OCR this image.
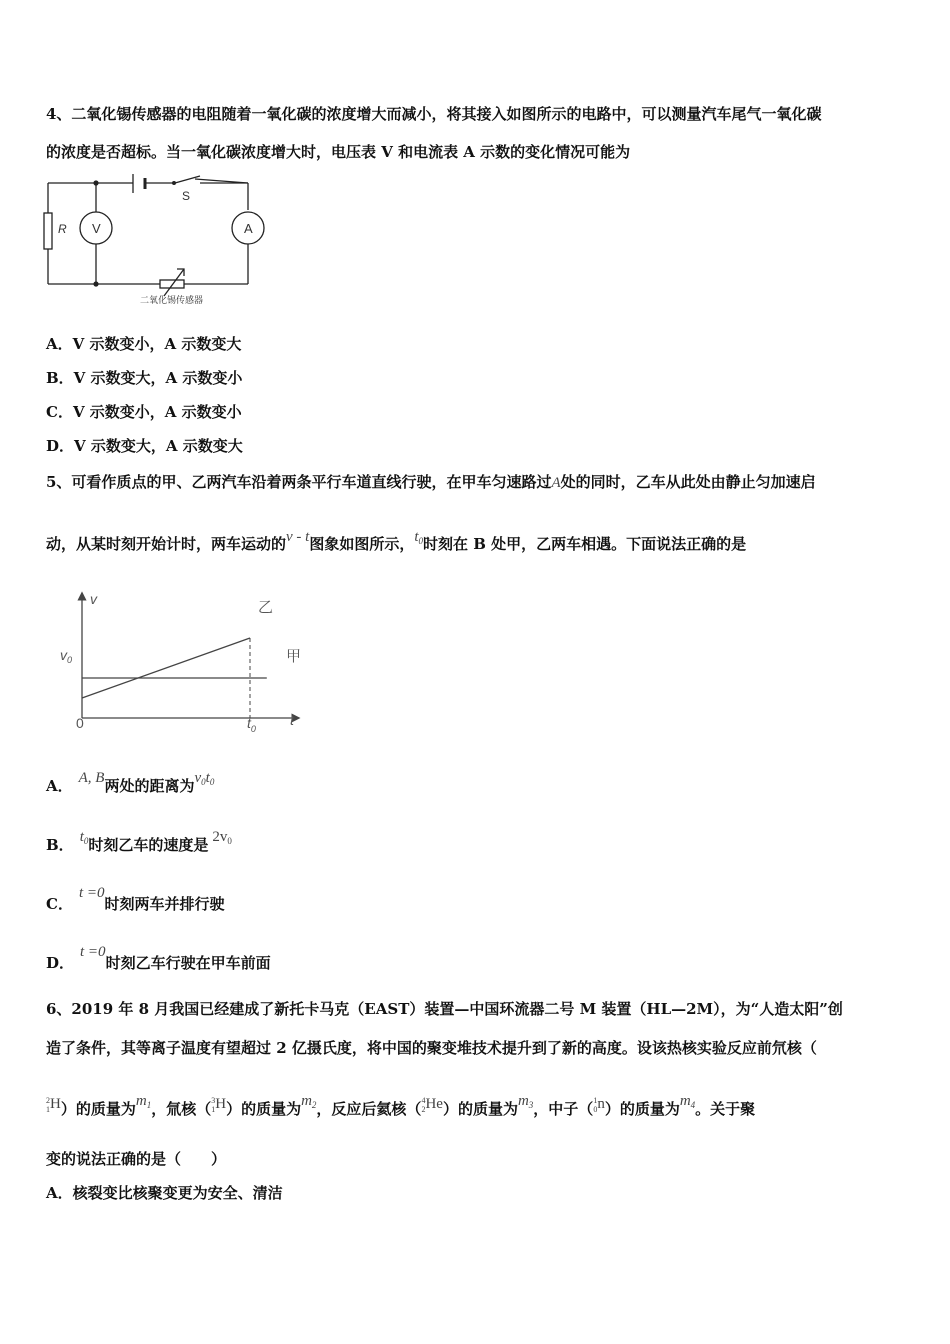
4、二氧化锡传感器的电阻随着一氧化碳的浓度增大而减小，将其接入如图所示的电路中，可以测量汽车尾气一氧化碳
的浓度是否超标。当一氧化碳浓度增大时，电压表 V 和电流表 A 示数的变化情况可能为
R V	A
S
二氧化锡传感器
A．V 示数变小，A 示数变大
B．V 示数变大，A 示数变小
C．V 示数变小，A 示数变小
D．V 示数变大，A 示数变大
5、可看作质点的甲、乙两汽车沿着两条平行车道直线行驶，在甲车匀速路过A处的同时，乙车从此处由静止匀加速启
动，从某时刻开始计时，两车运动的v - t图象如图所示，$t_0$时刻在 B 处甲，乙两车相遇。下面说法正确的是
v
t
0
$v_0$
$t_0$
乙
甲
A． A, B两处的距离为$v_0t_0$
B． $t_0$时刻乙车的速度是 $2v_0$
C．t =0时刻两车并排行驶
D．t =0时刻乙车行驶在甲车前面
6、2019 年 8 月我国已经建成了新托卡马克（EAST）装置—中国环流器二号 M 装置（HL—2M），为“人造太阳”创
造了条件，其等离子温度有望超过 2 亿摄氏度，将中国的聚变堆技术提升到了新的高度。设该热核实验反应前氘核（
2
1H）的质量为$m_1$，氚核（3
1H）的质量为$m_2$，反应后氦核（4
2He）的质量为$m_3$，中子（1
0n）的质量为$m_4$。关于聚
变的说法正确的是（　　）
A．核裂变比核聚变更为安全、清洁
